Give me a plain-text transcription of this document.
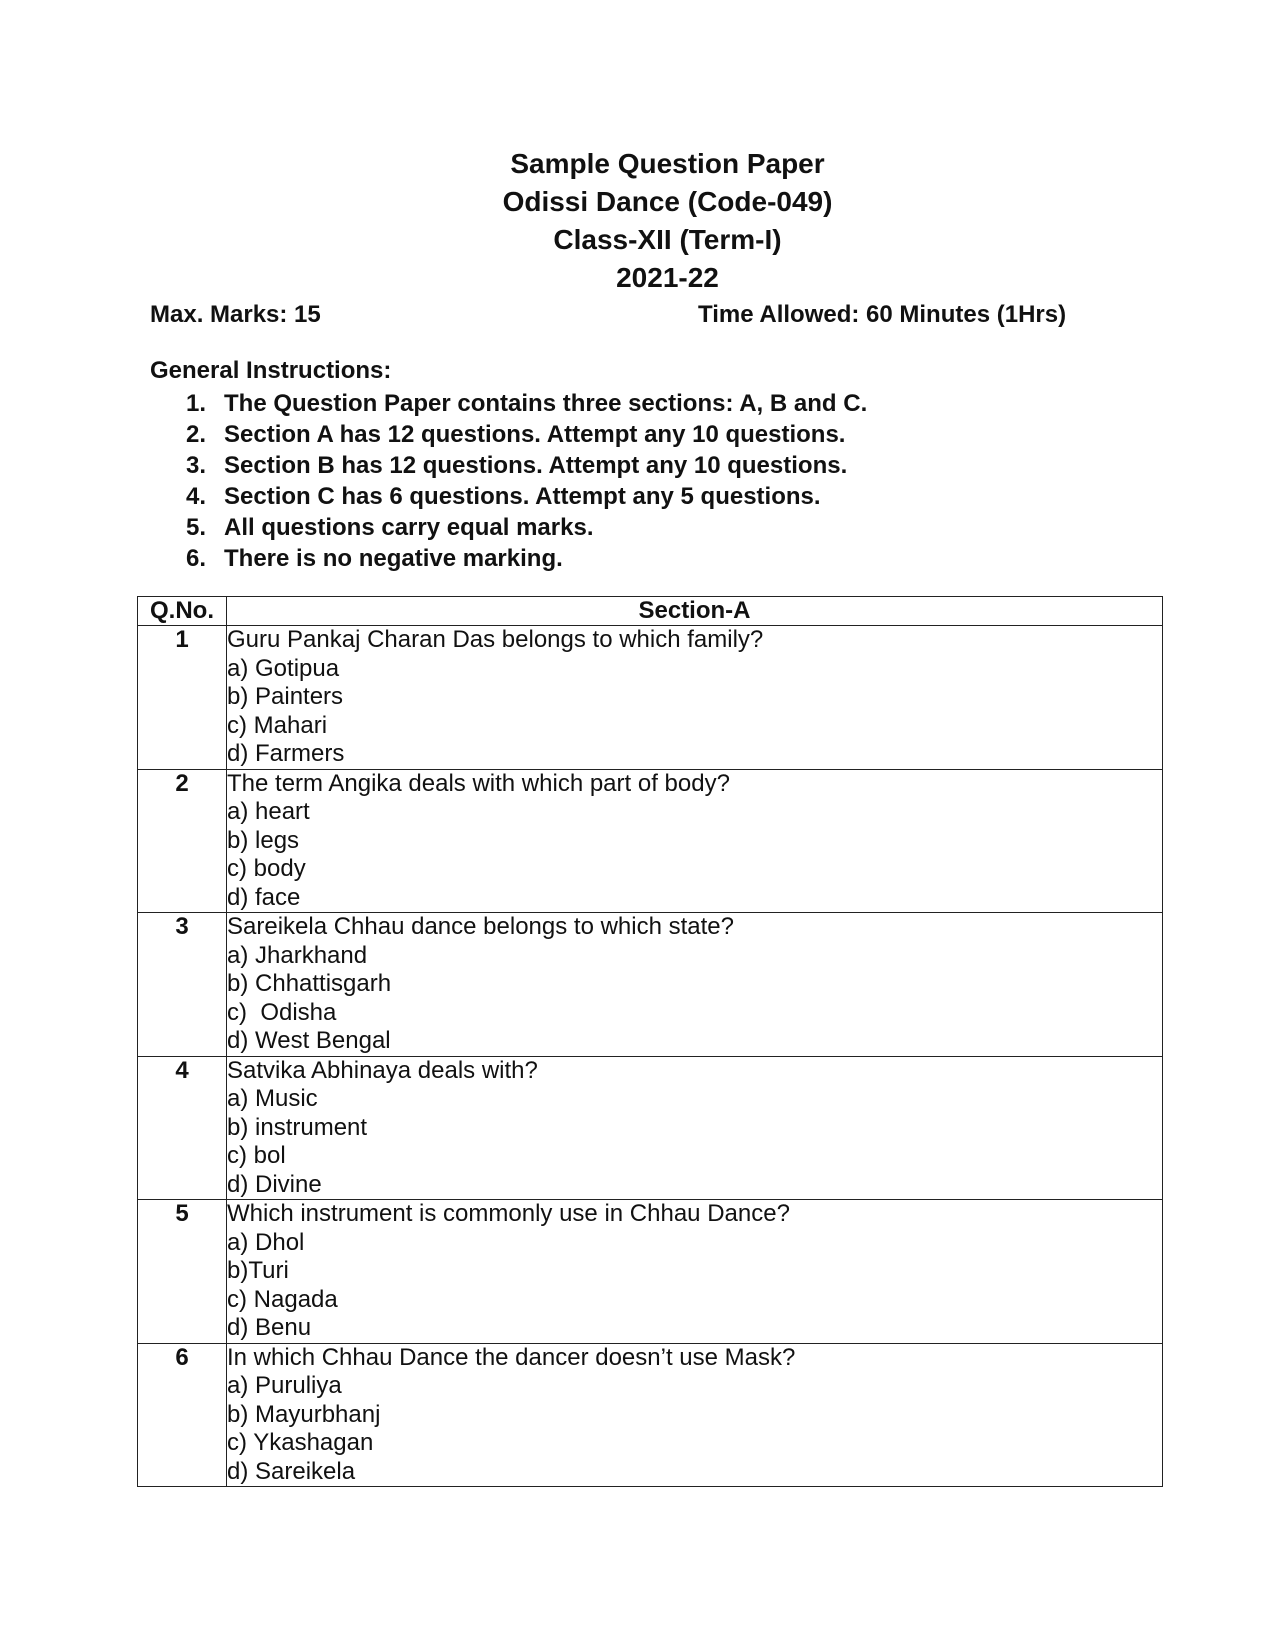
Sample Question Paper
Odissi Dance (Code-049)
Class-XII (Term-I)
2021-22
Max. Marks: 15	Time Allowed: 60 Minutes (1Hrs)

General Instructions:

1. The Question Paper contains three sections: A, B and C.
2. Section A has 12 questions. Attempt any 10 questions.
3. Section B has 12 questions. Attempt any 10 questions.
4. Section C has 6 questions. Attempt any 5 questions.
5. All questions carry equal marks.
6. There is no negative marking.
Q.No.	Section-A
1	Guru Pankaj Charan Das belongs to which family?
a) Gotipua
b) Painters
c) Mahari
d) Farmers

2	The term Angika deals with which part of body?
a) heart
b) legs
c) body
d) face

3	Sareikela Chhau dance belongs to which state?
a) Jharkhand
b) Chhattisgarh
c)  Odisha
d) West Bengal

4	Satvika Abhinaya deals with?
a) Music
b) instrument
c) bol
d) Divine

5	Which instrument is commonly use in Chhau Dance?
a) Dhol
b)Turi
c) Nagada
d) Benu

6	In which Chhau Dance the dancer doesn’t use Mask?
a) Puruliya
b) Mayurbhanj
c) Ykashagan
d) Sareikela
